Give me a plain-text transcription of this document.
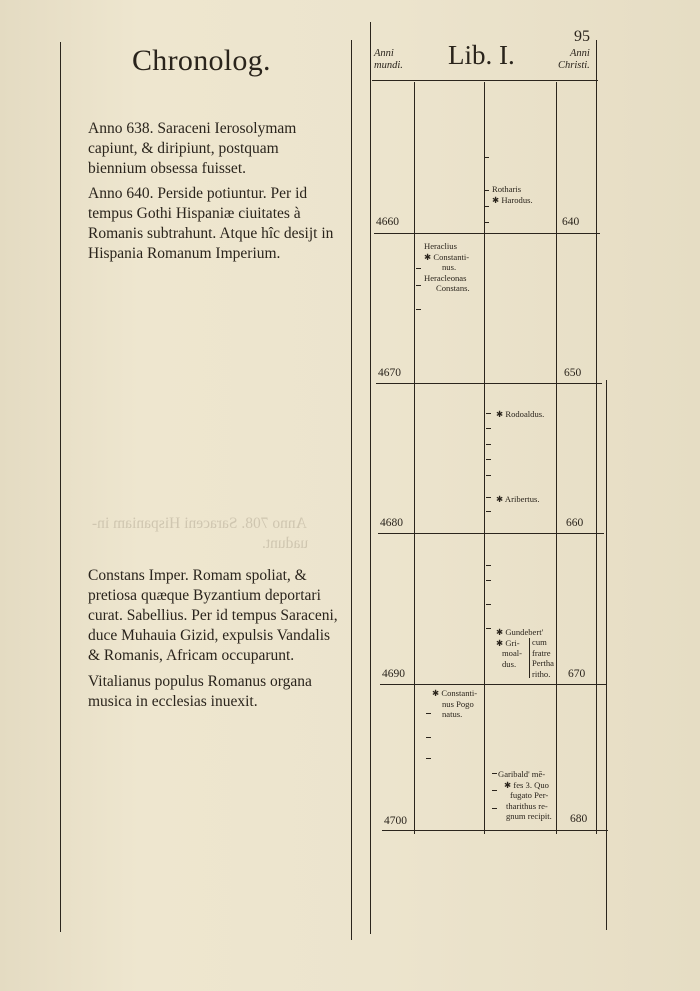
Chronolog.

Anno 638. Saraceni Ierosolymam capiunt, & diripiunt, postquam biennium obsessa fuisset.

Anno 640. Perside potiuntur. Per id tempus Gothi Hispaniæ ciuitates à Romanis subtrahunt. Atque hîc desijt in Hispania Romanum Imperium.

Anno 708. Saraceni Hispaniam in-
uadunt.

Constans Imper. Romam spoliat, & pretiosa quæque Byzantium deportari curat. Sabellius. Per id tempus Saraceni, duce Muhauia Gizid, expulsis Vandalis & Romanis, Africam occuparunt.

Vitalianus populus Romanus organa musica in ecclesias inuexit.

95
Anni
mundi. Lib. I.	Anni
Christi.
4660
4670
4680
4690
4700
640
650
660
670
680
Rotharis
✱ Harodus.
Heraclius
✱ Constanti-
nus.
Heracleonas
Constans.
✱ Rodoaldus.
✱ Aribertus.
✱ Gundebert'
✱ Gri-
moal-
dus.
cum
fratre
Pertha
ritho.
✱ Constanti-
nus Pogo
natus.
Garibald' mē-
✱ fes 3. Quo
fugato Per-
tharithus re-
gnum recipit.
